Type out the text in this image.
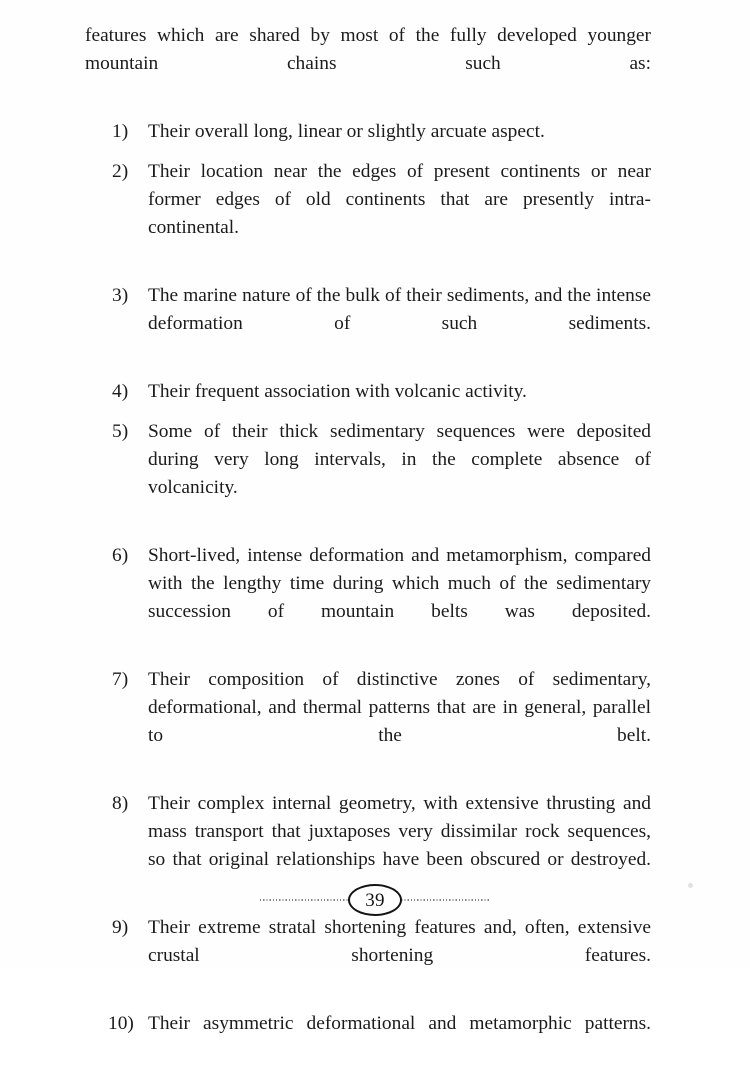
features which are shared by most of the fully developed younger mountain chains such as:

1)	Their overall long, linear or slightly arcuate aspect.
2)	Their location near the edges of present continents or near former edges of old continents that are presently intra-continental.
3)	The marine nature of the bulk of their sediments, and the intense deformation of such sediments.
4)	Their frequent association with volcanic activity.
5)	Some of their thick sedimentary sequences were deposited during very long intervals, in the complete absence of volcanicity.
6)	Short-lived, intense deformation and metamorphism, compared with the lengthy time during which much of the sedimentary succession of mountain belts was deposited.
7)	Their composition of distinctive zones of sedimentary, deformational, and thermal patterns that are in general, parallel to the belt.
8)	Their complex internal geometry, with extensive thrusting and mass transport that juxtaposes very dissimilar rock sequences, so that original relationships have been obscured or destroyed.
9)	Their extreme stratal shortening features and, often, extensive crustal shortening features.
10) Their asymmetric deformational and metamorphic patterns.
39
